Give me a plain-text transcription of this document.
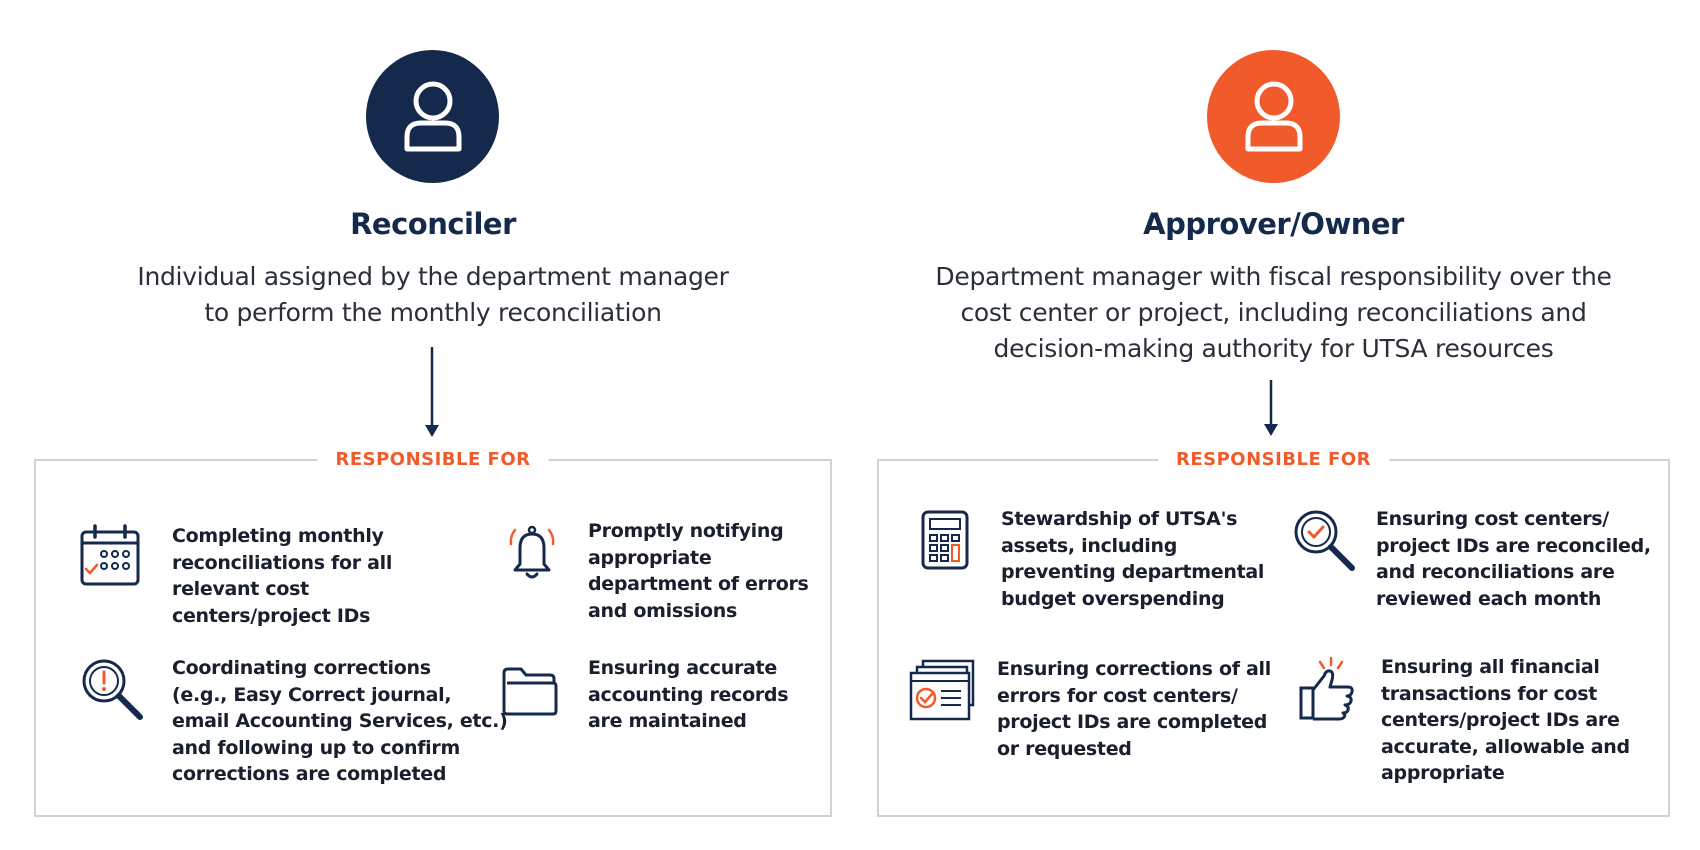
Reconciler
Individual assigned by the department manager
to perform the monthly reconciliation
RESPONSIBLE FOR
Completing monthly
reconciliations for all
relevant cost
centers/project IDs
Promptly notifying
appropriate
department of errors
and omissions
Coordinating corrections
(e.g., Easy Correct journal,
email Accounting Services, etc.)
and following up to confirm
corrections are completed
Ensuring accurate
accounting records
are maintained
Approver/Owner
Department manager with fiscal responsibility over the
cost center or project, including reconciliations and
decision-making authority for UTSA resources
RESPONSIBLE FOR
Stewardship of UTSA's
assets, including
preventing departmental
budget overspending
Ensuring cost centers/
project IDs are reconciled,
and reconciliations are
reviewed each month
Ensuring corrections of all
errors for cost centers/
project IDs are completed
or requested
Ensuring all financial
transactions for cost
centers/project IDs are
accurate, allowable and
appropriate
